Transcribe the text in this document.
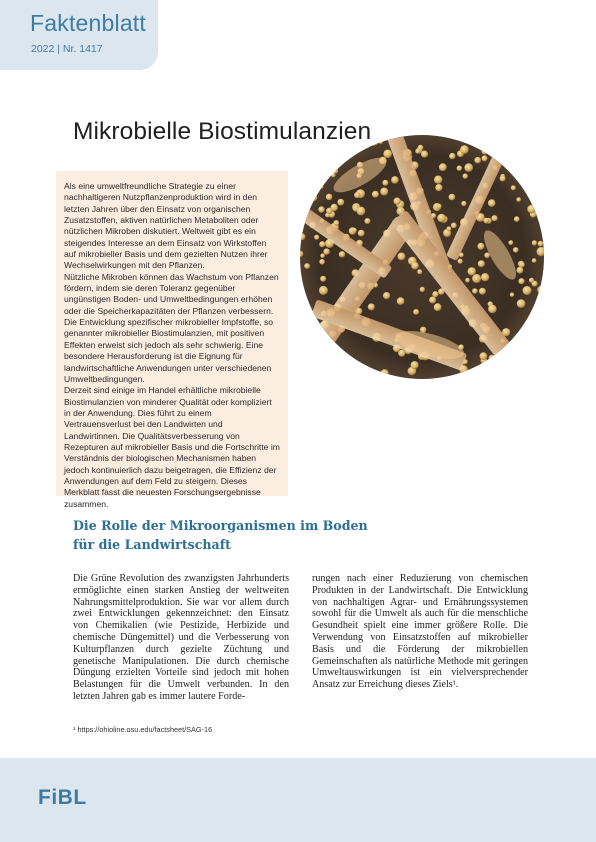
Faktenblatt
2022 | Nr. 1417
Mikrobielle Biostimulanzien

Als eine umweltfreundliche Strategie zu einer nachhaltigeren Nutzpflanzenproduktion wird in den letzten Jahren über den Einsatz von organischen Zusatzstoffen, aktiven natürlichen Metaboliten oder nützlichen Mikroben diskutiert. Weltweit gibt es ein steigendes Interesse an dem Einsatz von Wirkstoffen auf mikrobieller Basis und dem gezielten Nutzen ihrer Wechselwirkungen mit den Pflanzen.

Nützliche Mikroben können das Wachstum von Pflanzen fördern, indem sie deren Toleranz gegenüber ungünstigen Boden- und Umweltbedingungen erhöhen oder die Speicherkapazitäten der Pflanzen verbessern. Die Entwicklung spezifischer mikrobieller Impfstoffe, so genannter mikrobieller Biostimulanzien, mit positiven Effekten erweist sich jedoch als sehr schwierig. Eine besondere Herausforderung ist die Eignung für landwirtschaftliche Anwendungen unter verschiedenen Umweltbedingungen.

Derzeit sind einige im Handel erhältliche mikrobielle Biostimulanzien von minderer Qualität oder kompliziert in der Anwendung. Dies führt zu einem Vertrauensverlust bei den Landwirten und Landwirtinnen. Die Qualitätsverbesserung von Rezepturen auf mikrobieller Basis und die Fortschritte im Verständnis der biologischen Mechanismen haben jedoch kontinuierlich dazu beigetragen, die Effizienz der Anwendungen auf dem Feld zu steigern. Dieses Merkblatt fasst die neuesten Forschungsergebnisse zusammen.

Die Rolle der Mikroorganismen im Boden
für die Landwirtschaft

Die Grüne Revolution des zwanzigsten Jahrhunderts ermöglichte einen starken Anstieg der weltweiten Nahrungsmittelproduktion. Sie war vor allem durch zwei Entwicklungen gekennzeichnet: den Einsatz von Chemikalien (wie Pestizide, Herbizide und chemische Düngemittel) und die Verbesserung von Kulturpflanzen durch gezielte Züchtung und genetische Manipulationen. Die durch chemische Düngung erzielten Vorteile sind jedoch mit hohen Belastungen für die Umwelt verbunden. In den letzten Jahren gab es immer lautere Forde-

rungen nach einer Reduzierung von chemischen Produkten in der Landwirtschaft. Die Entwicklung von nachhaltigen Agrar- und Ernährungssystemen sowohl für die Umwelt als auch für die menschliche Gesundheit spielt eine immer größere Rolle. Die Verwendung von Einsatzstoffen auf mikrobieller Basis und die Förderung der mikrobiellen Gemeinschaften als natürliche Methode mit geringen Umweltauswirkungen ist ein vielversprechender Ansatz zur Erreichung dieses Ziels¹.

¹ https://ohioline.osu.edu/factsheet/SAG-16
FiBL
